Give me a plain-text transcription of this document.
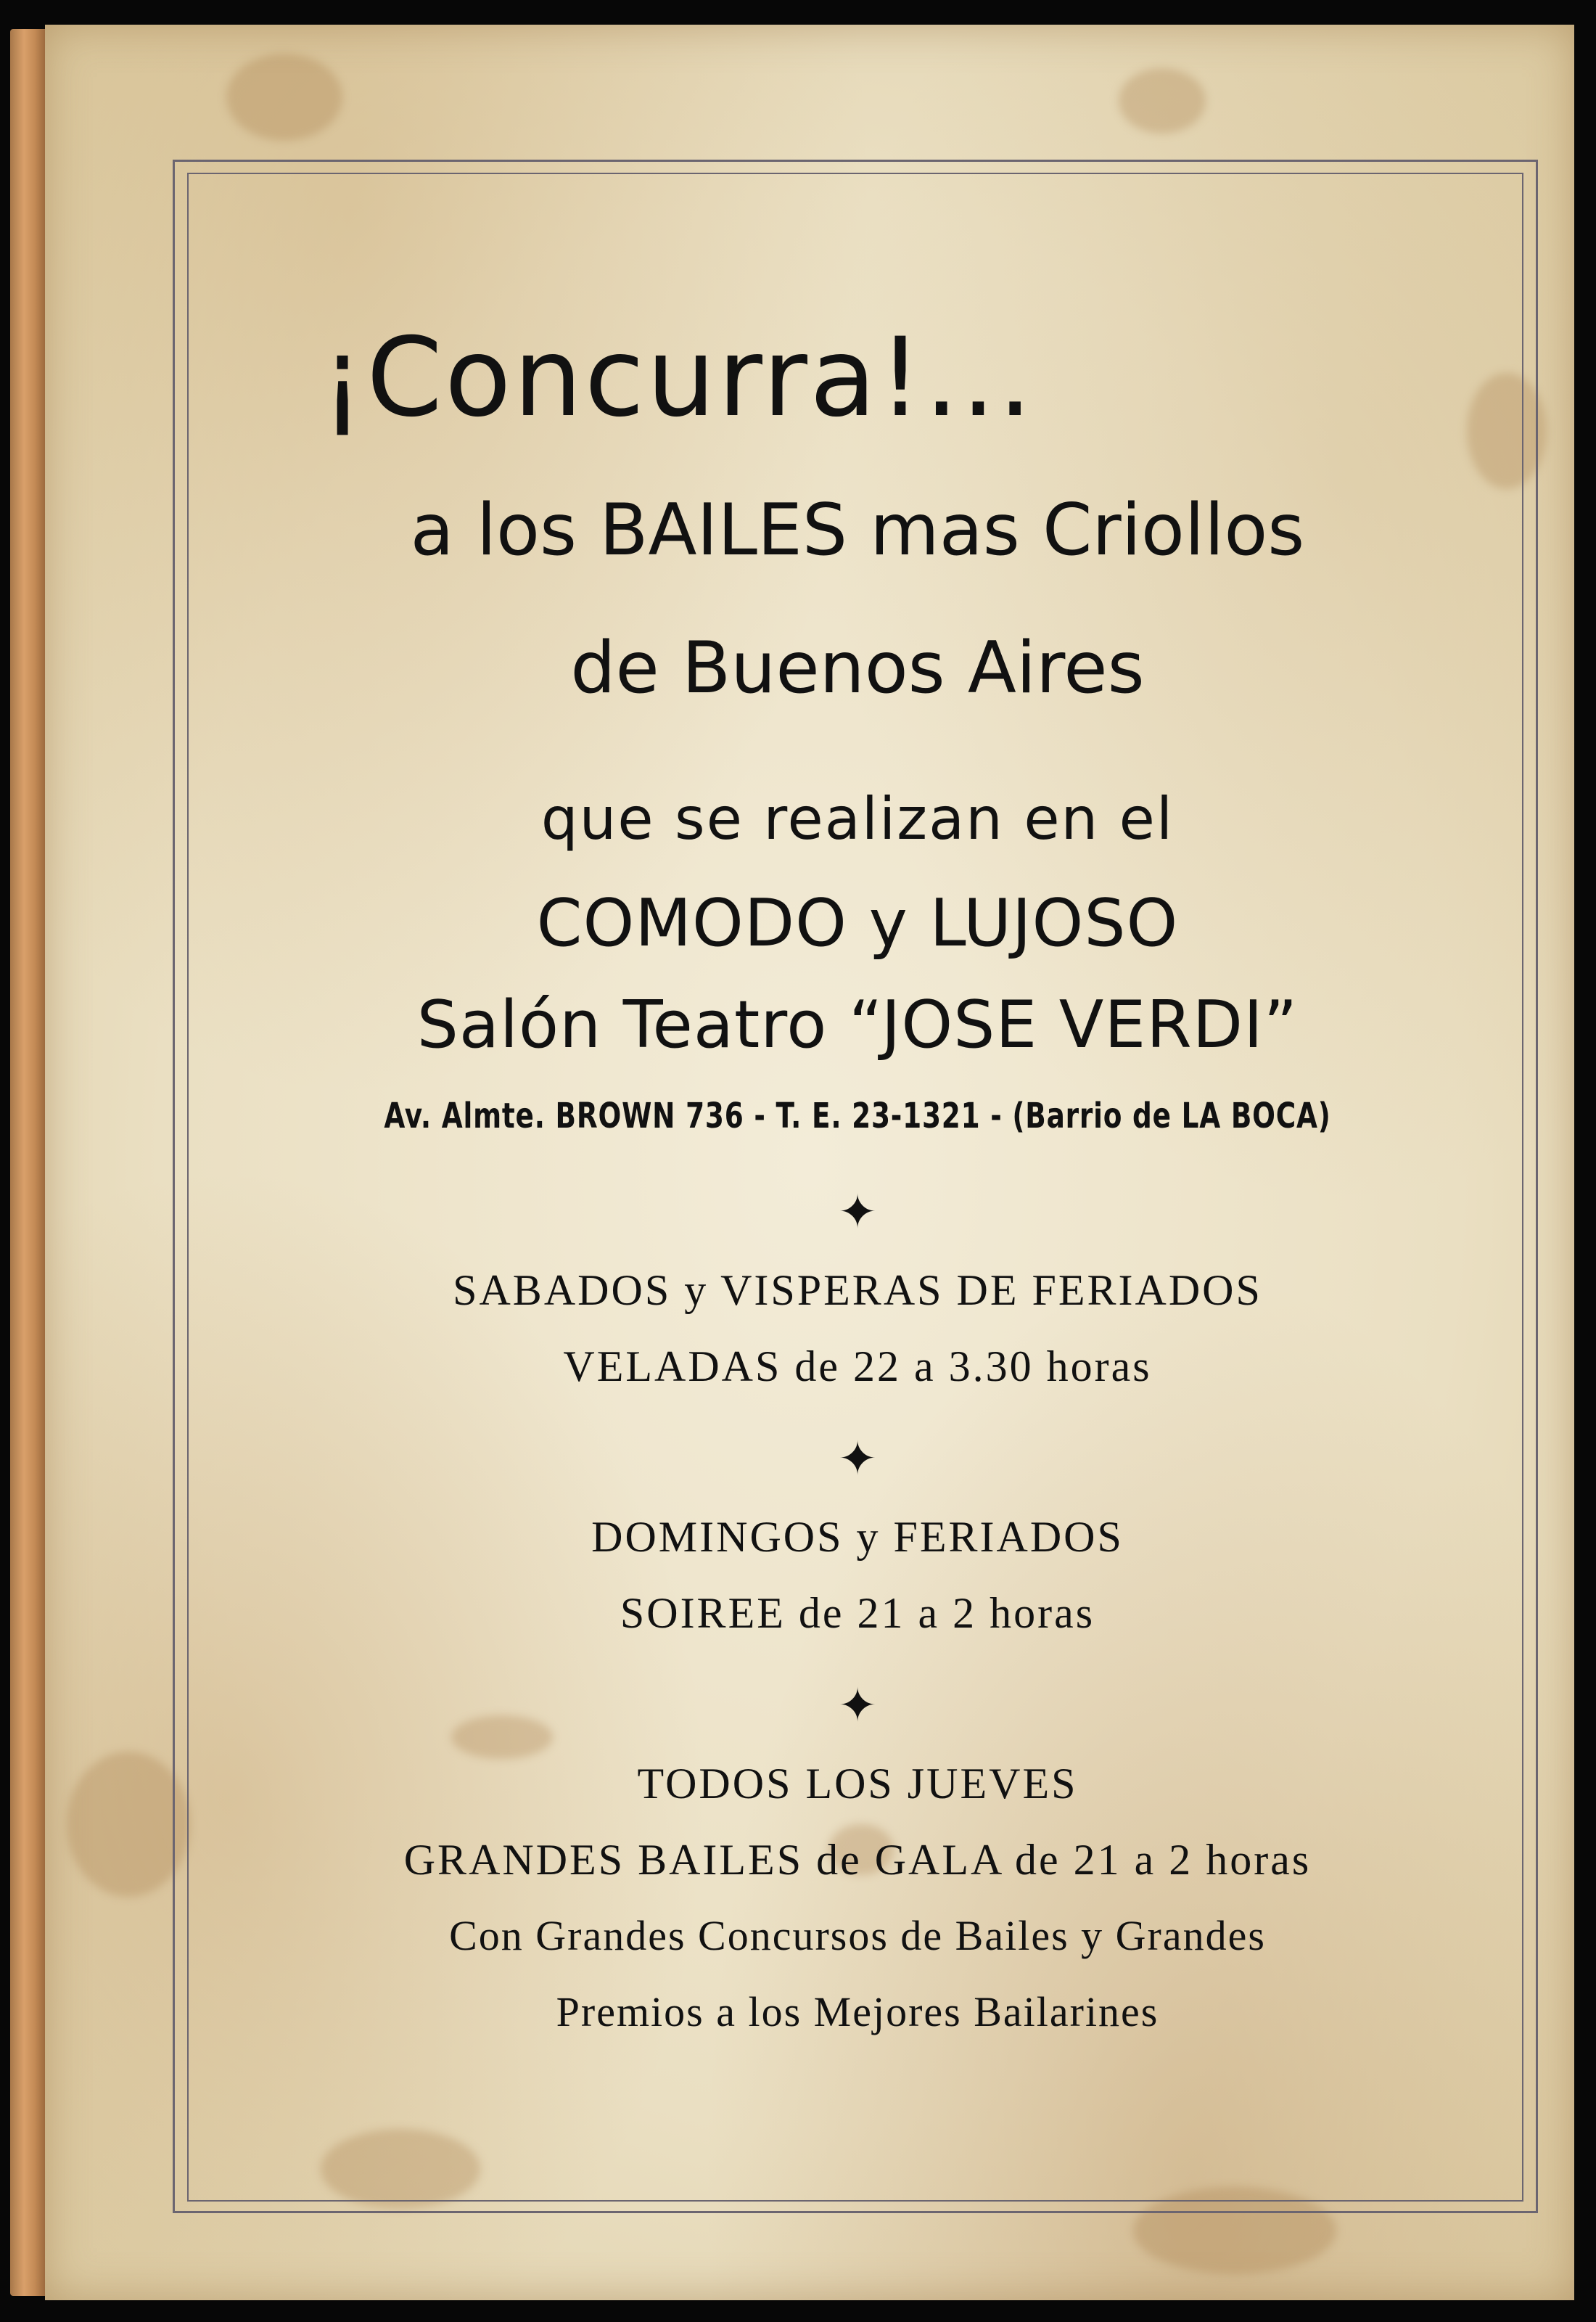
¡Concurra!...
a los BAILES mas Criollos
de Buenos Aires
que se realizan en el
COMODO y LUJOSO
Salón Teatro “JOSE VERDI”
Av. Almte. BROWN 736 - T. E. 23-1321 - (Barrio de LA BOCA)
✦
SABADOS y VISPERAS DE FERIADOS
VELADAS de 22 a 3.30 horas
✦
DOMINGOS y FERIADOS
SOIREE de 21 a 2 horas
✦
TODOS LOS JUEVES
GRANDES BAILES de GALA de 21 a 2 horas
Con Grandes Concursos de Bailes y Grandes
Premios a los Mejores Bailarines
